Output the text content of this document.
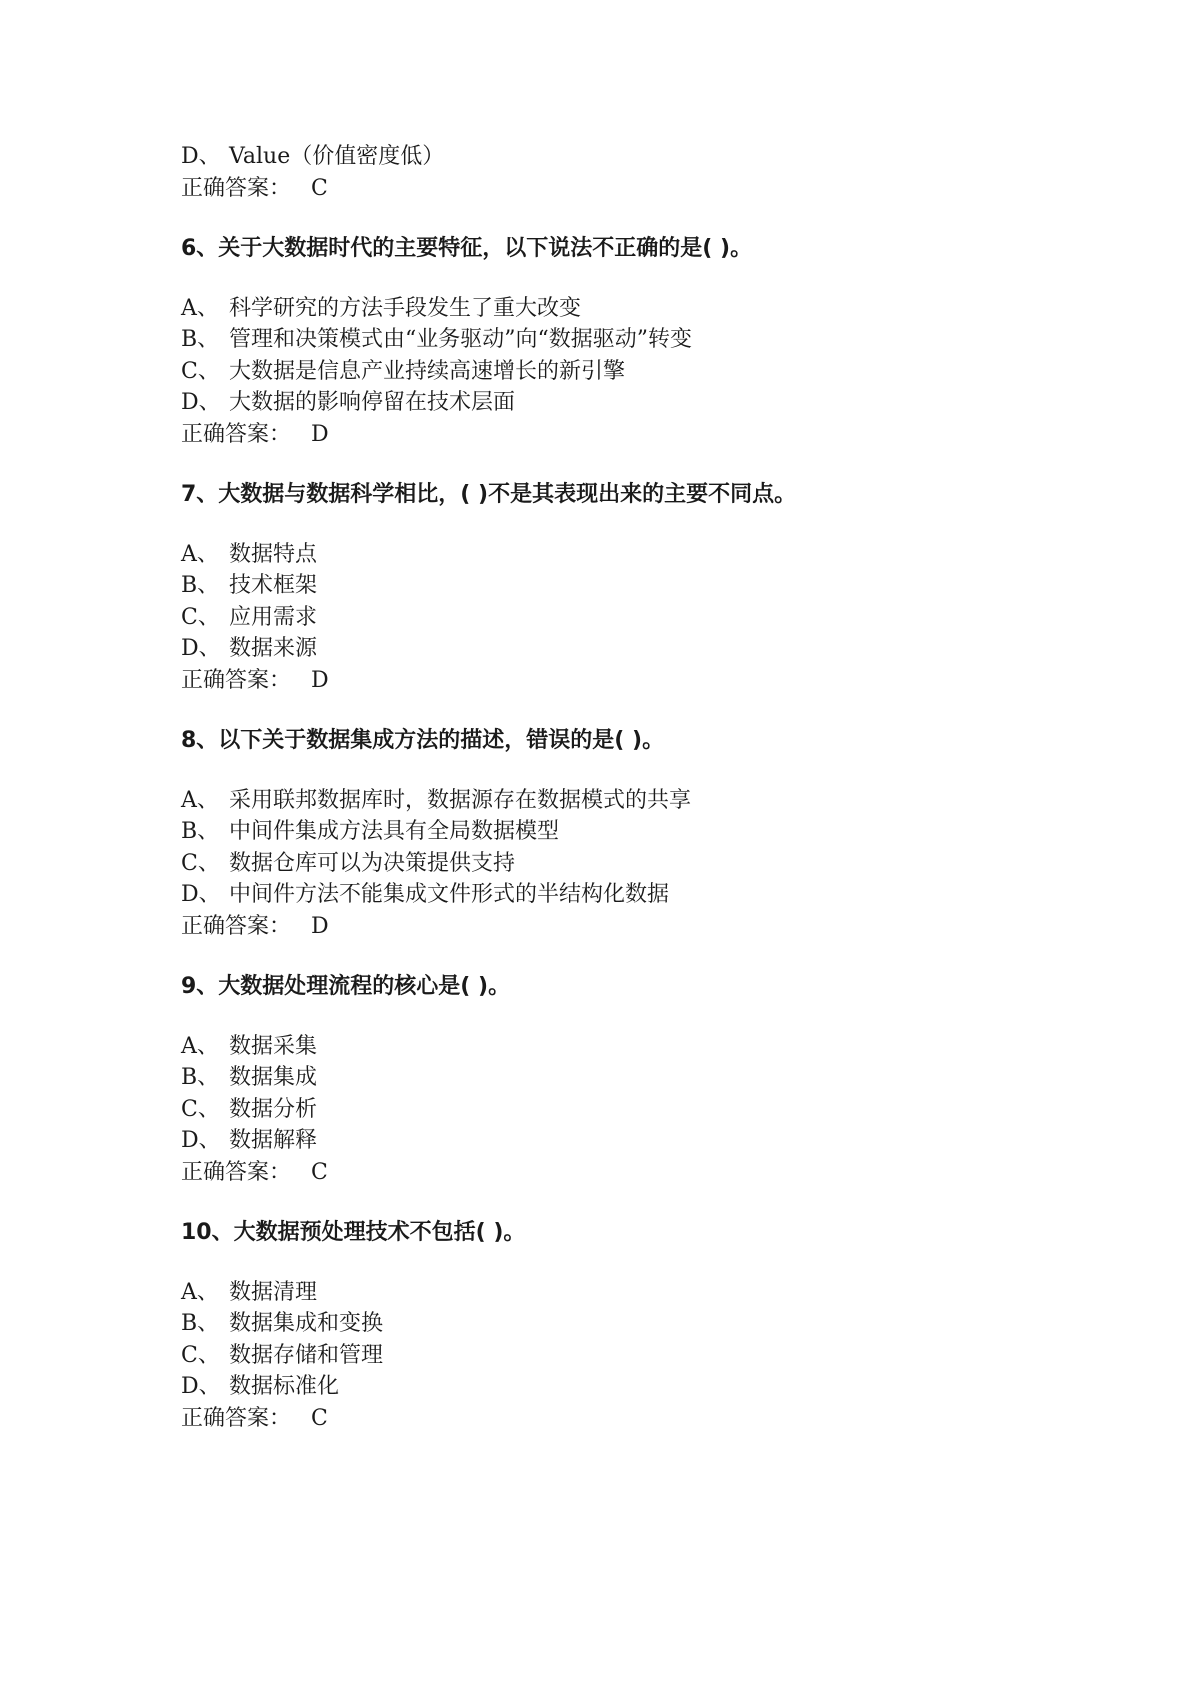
D、 Value（价值密度低）
正确答案： C
6、关于大数据时代的主要特征，以下说法不正确的是( )。
A、 科学研究的方法手段发生了重大改变
B、 管理和决策模式由“业务驱动”向“数据驱动”转变
C、 大数据是信息产业持续高速增长的新引擎
D、 大数据的影响停留在技术层面
正确答案： D
7、大数据与数据科学相比，( )不是其表现出来的主要不同点。
A、 数据特点
B、 技术框架
C、 应用需求
D、 数据来源
正确答案： D
8、以下关于数据集成方法的描述，错误的是( )。
A、 采用联邦数据库时，数据源存在数据模式的共享
B、 中间件集成方法具有全局数据模型
C、 数据仓库可以为决策提供支持
D、 中间件方法不能集成文件形式的半结构化数据
正确答案： D
9、大数据处理流程的核心是( )。
A、 数据采集
B、 数据集成
C、 数据分析
D、 数据解释
正确答案： C
10、大数据预处理技术不包括( )。
A、 数据清理
B、 数据集成和变换
C、 数据存储和管理
D、 数据标准化
正确答案： C
